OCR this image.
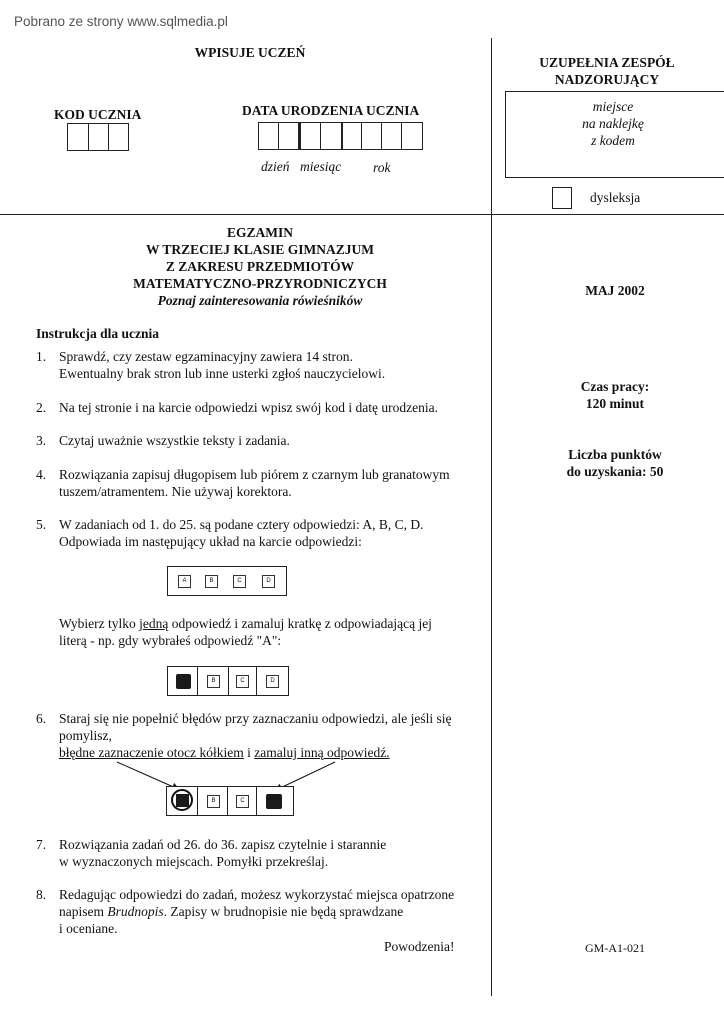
Pobrano ze strony www.sqlmedia.pl
WPISUJE UCZEŃ
KOD UCZNIA	DATA URODZENIA UCZNIA
dzień miesiąc rok
UZUPEŁNIA ZESPÓŁ
NADZORUJĄCY
miejsce
na naklejkę
z kodem
dysleksja
EGZAMIN
W TRZECIEJ KLASIE GIMNAZJUM
Z ZAKRESU PRZEDMIOTÓW
MATEMATYCZNO-PRZYRODNICZYCH
Poznaj zainteresowania rówieśników
MAJ 2002
Czas pracy:
120 minut
Liczba punktów
do uzyskania: 50
GM-A1-021
Instrukcja dla ucznia
1. Sprawdź, czy zestaw egzaminacyjny zawiera 14 stron.
Ewentualny brak stron lub inne usterki zgłoś nauczycielowi.
2. Na tej stronie i na karcie odpowiedzi wpisz swój kod i datę urodzenia.
3. Czytaj uważnie wszystkie teksty i zadania.
4. Rozwiązania zapisuj długopisem lub piórem z czarnym lub granatowym
tuszem/atramentem. Nie używaj korektora.
5. W zadaniach od 1. do 25. są podane cztery odpowiedzi: A, B, C, D.
Odpowiada im następujący układ na karcie odpowiedzi:
A	B	C	D
Wybierz tylko jedną odpowiedź i zamaluj kratkę z odpowiadającą jej
literą - np. gdy wybrałeś odpowiedź "A":
B	C	D
6. Staraj się nie popełnić błędów przy zaznaczaniu odpowiedzi, ale jeśli się
pomylisz,
błędne zaznaczenie otocz kółkiem i zamaluj inną odpowiedź.
B	C
7. Rozwiązania zadań od 26. do 36. zapisz czytelnie i starannie
w wyznaczonych miejscach. Pomyłki przekreślaj.
8. Redagując odpowiedzi do zadań, możesz wykorzystać miejsca opatrzone
napisem Brudnopis. Zapisy w brudnopisie nie będą sprawdzane
i oceniane.
Powodzenia!
